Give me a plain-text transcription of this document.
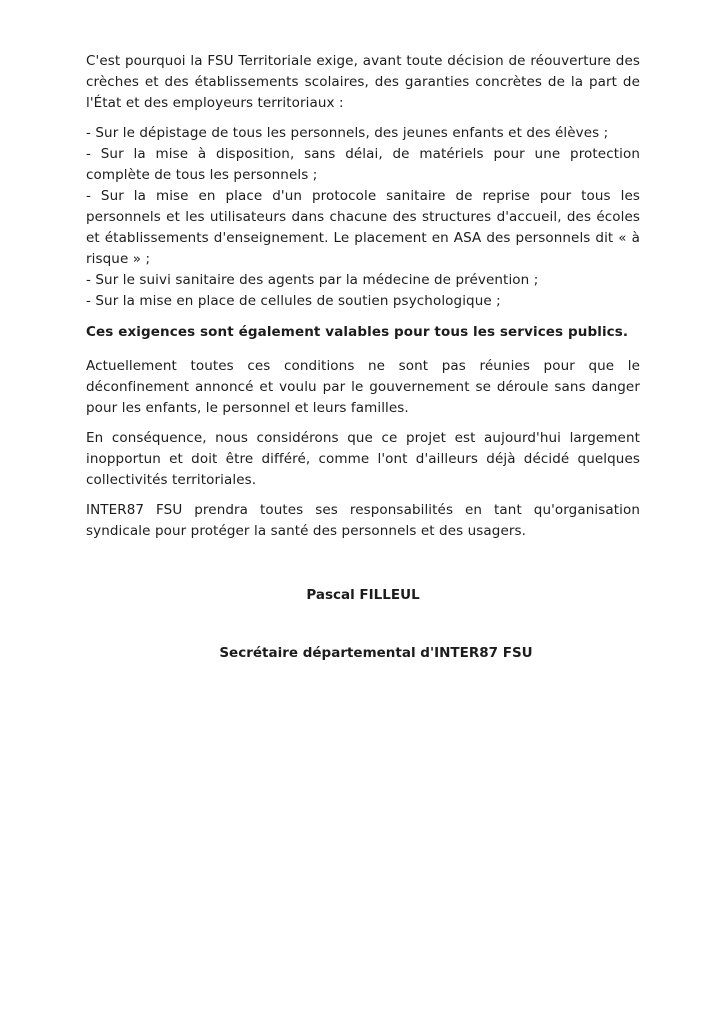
C'est pourquoi la FSU Territoriale exige, avant toute décision de réouverture des crèches et des établissements scolaires, des garanties concrètes de la part de l'État et des employeurs territoriaux :

- Sur le dépistage de tous les personnels, des jeunes enfants et des élèves ;

- Sur la mise à disposition, sans délai, de matériels pour une protection complète de tous les personnels ;

- Sur la mise en place d'un protocole sanitaire de reprise pour tous les personnels et les utilisateurs dans chacune des structures d'accueil, des écoles et établissements d'enseignement. Le placement en ASA des personnels dit « à risque » ;

- Sur le suivi sanitaire des agents par la médecine de prévention ;

- Sur la mise en place de cellules de soutien psychologique ;

Ces exigences sont également valables pour tous les services publics.

Actuellement toutes ces conditions ne sont pas réunies pour que le déconfinement annoncé et voulu par le gouvernement se déroule sans danger pour les enfants, le personnel et leurs familles.

En conséquence, nous considérons que ce projet est aujourd'hui largement inopportun et doit être différé, comme l'ont d'ailleurs déjà décidé quelques collectivités territoriales.

INTER87 FSU prendra toutes ses responsabilités en tant qu'organisation syndicale pour protéger la santé des personnels et des usagers.

Pascal FILLEUL

Secrétaire départemental d'INTER87 FSU
